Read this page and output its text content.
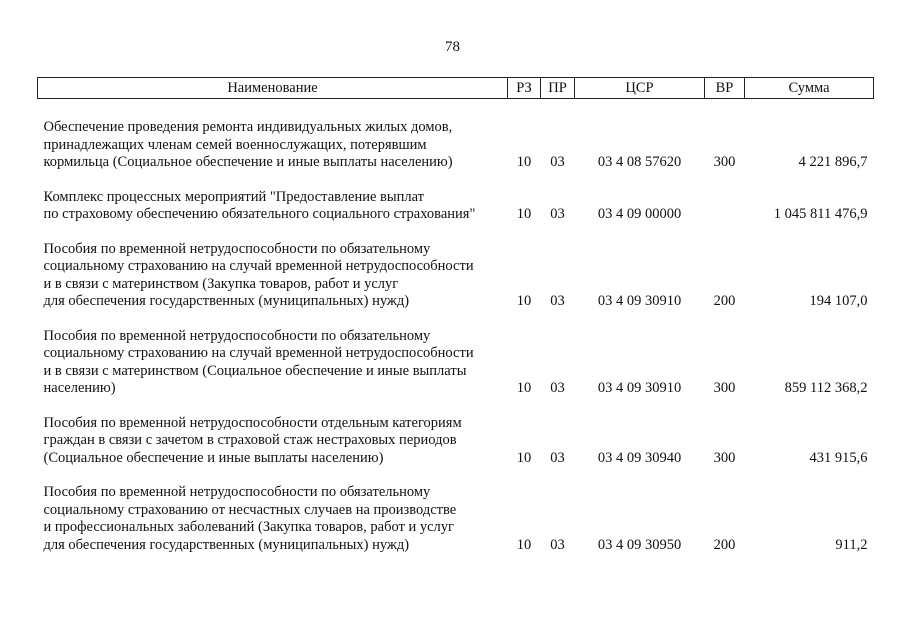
78
Наименование	РЗ	ПР	ЦСР	ВР	Сумма

Обеспечение проведения ремонта индивидуальных жилых домов,
принадлежащих членам семей военнослужащих, потерявшим
кормильца (Социальное обеспечение и иные выплаты населению)	10	03	03 4 08 57620	300	4 221 896,7

Комплекс процессных мероприятий "Предоставление выплат
по страховому обеспечению обязательного социального страхования"	10	03	03 4 09 00000		1 045 811 476,9

Пособия по временной нетрудоспособности по обязательному
социальному страхованию на случай временной нетрудоспособности
и в связи с материнством (Закупка товаров, работ и услуг
для обеспечения государственных (муниципальных) нужд)	10	03	03 4 09 30910	200	194 107,0

Пособия по временной нетрудоспособности по обязательному
социальному страхованию на случай временной нетрудоспособности
и в связи с материнством (Социальное обеспечение и иные выплаты
населению)	10	03	03 4 09 30910	300	859 112 368,2

Пособия по временной нетрудоспособности отдельным категориям
граждан в связи с зачетом в страховой стаж нестраховых периодов
(Социальное обеспечение и иные выплаты населению)	10	03	03 4 09 30940	300	431 915,6

Пособия по временной нетрудоспособности по обязательному
социальному страхованию от несчастных случаев на производстве
и профессиональных заболеваний (Закупка товаров, работ и услуг
для обеспечения государственных (муниципальных) нужд)	10	03	03 4 09 30950	200	911,2
